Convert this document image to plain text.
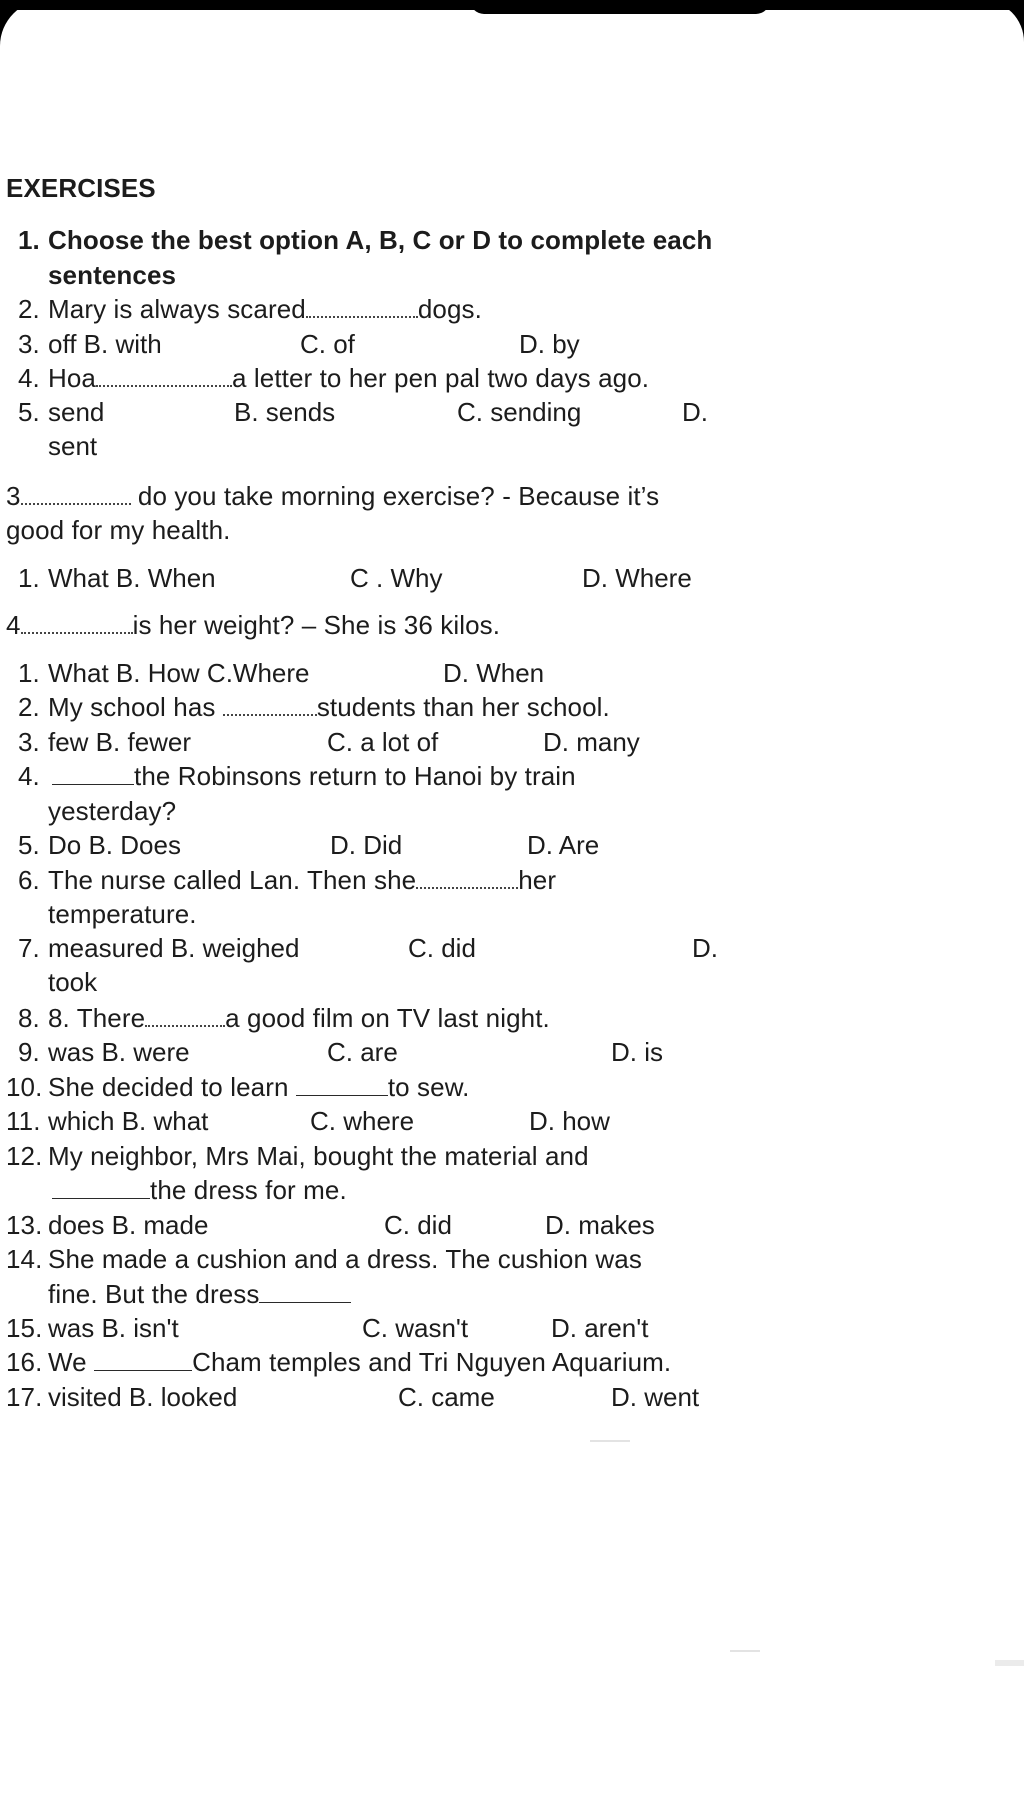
EXERCISES
1. Choose the best option A, B, C or D to complete each
sentences
2. Mary is always scared	dogs.
3. off B. with	C. of	D. by
4. Hoa	a letter to her pen pal two days ago.
5. send	B. sends	C. sending	D.
sent
3	do you take morning exercise? - Because it’s
good for my health.
1. What B. When	C . Why	D. Where
4	is her weight? – She is 36 kilos.
1. What B. How C.Where	D. When
2. My school has	students than her school.
3. few B. fewer	C. a lot of	D. many
4.	the Robinsons return to Hanoi by train
yesterday?
5. Do B. Does	D. Did	D. Are
6. The nurse called Lan. Then she	her
temperature.
7. measured B. weighed	C. did	D.
took
8. 8. There	a good film on TV last night.
9. was B. were	C. are	D. is
10. She decided to learn	to sew.
11. which B. what	C. where	D. how
12. My neighbor, Mrs Mai, bought the material and
the dress for me.
13. does B. made	C. did	D. makes
14. She made a cushion and a dress. The cushion was
fine. But the dress
15. was B. isn't	C. wasn't	D. aren't
16. We	Cham temples and Tri Nguyen Aquarium.
17. visited B. looked	C. came	D. went
